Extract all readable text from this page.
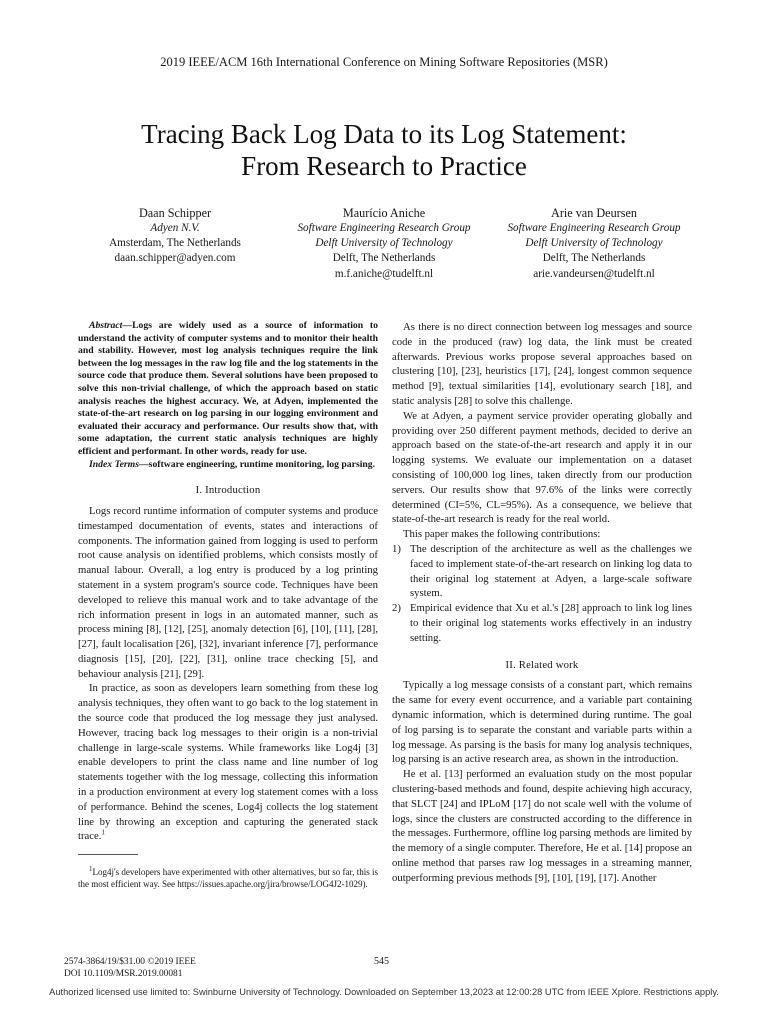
2019 IEEE/ACM 16th International Conference on Mining Software Repositories (MSR)
Tracing Back Log Data to its Log Statement:
From Research to Practice
Daan Schipper
Adyen N.V.
Amsterdam, The Netherlands
daan.schipper@adyen.com
Maurício Aniche
Software Engineering Research Group
Delft University of Technology
Delft, The Netherlands
m.f.aniche@tudelft.nl
Arie van Deursen
Software Engineering Research Group
Delft University of Technology
Delft, The Netherlands
arie.vandeursen@tudelft.nl

Abstract—Logs are widely used as a source of information to understand the activity of computer systems and to monitor their health and stability. However, most log analysis techniques require the link between the log messages in the raw log file and the log statements in the source code that produce them. Several solutions have been proposed to solve this non-trivial challenge, of which the approach based on static analysis reaches the highest accuracy. We, at Adyen, implemented the state-of-the-art research on log parsing in our logging environment and evaluated their accuracy and performance. Our results show that, with some adaptation, the current static analysis techniques are highly efficient and performant. In other words, ready for use.

Index Terms—software engineering, runtime monitoring, log parsing.

I. Introduction

Logs record runtime information of computer systems and produce timestamped documentation of events, states and interactions of components. The information gained from logging is used to perform root cause analysis on identified problems, which consists mostly of manual labour. Overall, a log entry is produced by a log printing statement in a system program's source code. Techniques have been developed to relieve this manual work and to take advantage of the rich information present in logs in an automated manner, such as process mining [8], [12], [25], anomaly detection [6], [10], [11], [28], [27], fault localisation [26], [32], invariant inference [7], performance diagnosis [15], [20], [22], [31], online trace checking [5], and behaviour analysis [21], [29].

In practice, as soon as developers learn something from these log analysis techniques, they often want to go back to the log statement in the source code that produced the log message they just analysed. However, tracing back log messages to their origin is a non-trivial challenge in large-scale systems. While frameworks like Log4j [3] enable developers to print the class name and line number of log statements together with the log message, collecting this information in a production environment at every log statement comes with a loss of performance. Behind the scenes, Log4j collects the log statement line by throwing an exception and capturing the generated stack trace.$^1$

$^1$Log4j's developers have experimented with other alternatives, but so far, this is the most efficient way. See https://issues.apache.org/jira/browse/LOG4J2-1029).

As there is no direct connection between log messages and source code in the produced (raw) log data, the link must be created afterwards. Previous works propose several approaches based on clustering [10], [23], heuristics [17], [24], longest common sequence method [9], textual similarities [14], evolutionary search [18], and static analysis [28] to solve this challenge.

We at Adyen, a payment service provider operating globally and providing over 250 different payment methods, decided to derive an approach based on the state-of-the-art research and apply it in our logging systems. We evaluate our implementation on a dataset consisting of 100,000 log lines, taken directly from our production servers. Our results show that 97.6% of the links were correctly determined (CI=5%, CL=95%). As a consequence, we believe that state-of-the-art research is ready for the real world.

This paper makes the following contributions:

1) The description of the architecture as well as the challenges we faced to implement state-of-the-art research on linking log data to their original log statement at Adyen, a large-scale software system.
2) Empirical evidence that Xu et al.'s [28] approach to link log lines to their original log statements works effectively in an industry setting.
II. Related work

Typically a log message consists of a constant part, which remains the same for every event occurrence, and a variable part containing dynamic information, which is determined during runtime. The goal of log parsing is to separate the constant and variable parts within a log message. As parsing is the basis for many log analysis techniques, log parsing is an active research area, as shown in the introduction.

He et al. [13] performed an evaluation study on the most popular clustering-based methods and found, despite achieving high accuracy, that SLCT [24] and IPLoM [17] do not scale well with the volume of logs, since the clusters are constructed according to the difference in the messages. Furthermore, offline log parsing methods are limited by the memory of a single computer. Therefore, He et al. [14] propose an online method that parses raw log messages in a streaming manner, outperforming previous methods [9], [10], [19], [17]. Another

2574-3864/19/$31.00 ©2019 IEEE
DOI 10.1109/MSR.2019.00081
545
Authorized licensed use limited to: Swinburne University of Technology. Downloaded on September 13,2023 at 12:00:28 UTC from IEEE Xplore. Restrictions apply.
